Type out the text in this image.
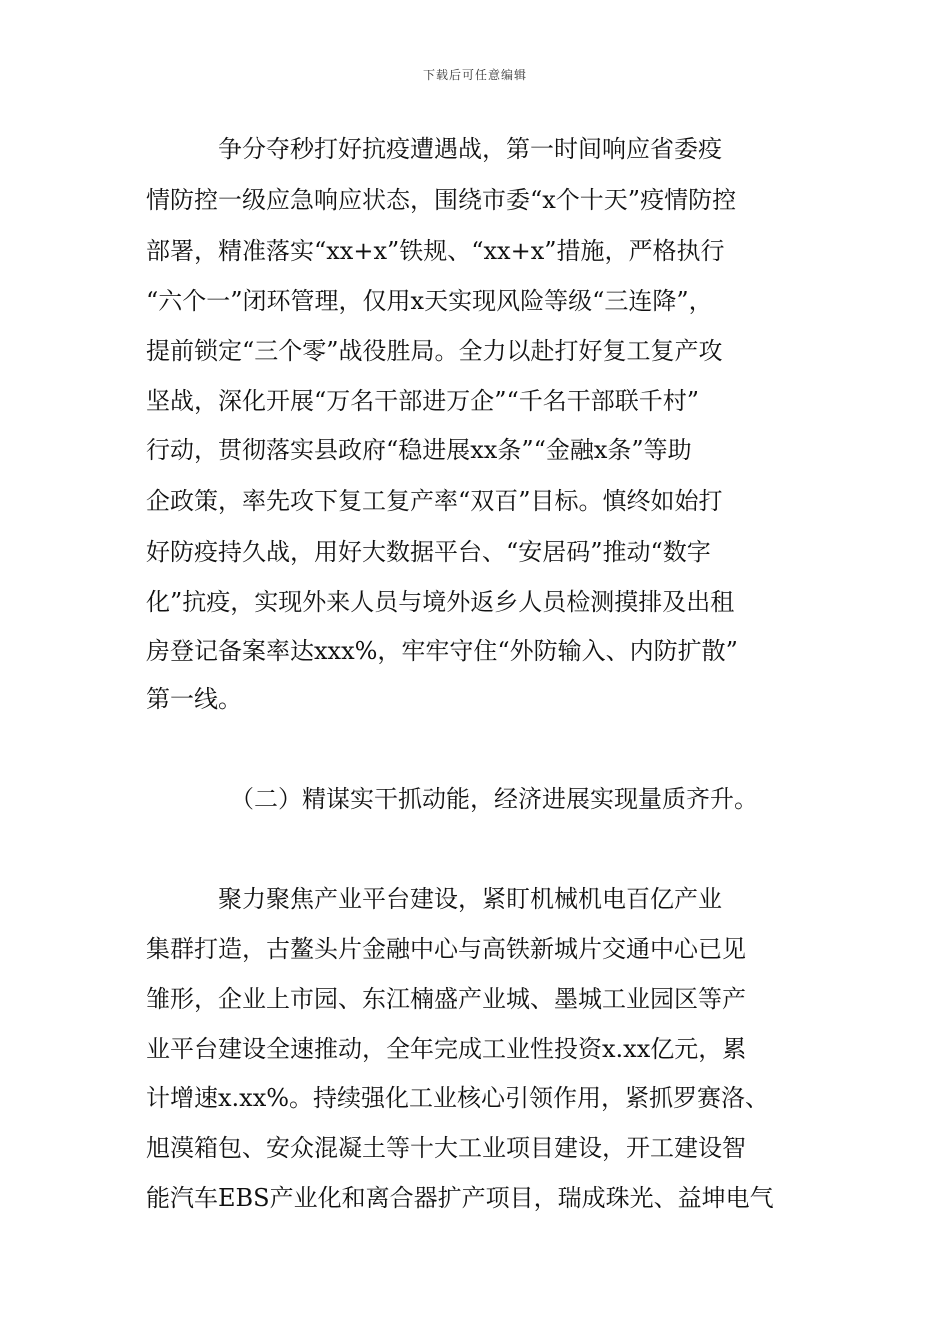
下载后可任意编辑
　　　争分夺秒打好抗疫遭遇战，第一时间响应省委疫
情防控一级应急响应状态，围绕市委“x个十天”疫情防控
部署，精准落实“xx+x”铁规、“xx+x”措施，严格执行
“六个一”闭环管理，仅用x天实现风险等级“三连降”，
提前锁定“三个零”战役胜局。全力以赴打好复工复产攻
坚战，深化开展“万名干部进万企”“千名干部联千村”
行动，贯彻落实县政府“稳进展xx条”“金融x条”等助
企政策，率先攻下复工复产率“双百”目标。慎终如始打
好防疫持久战，用好大数据平台、“安居码”推动“数字
化”抗疫，实现外来人员与境外返乡人员检测摸排及出租
房登记备案率达xxx%，牢牢守住“外防输入、内防扩散”
第一线。
　　　　（二）精谋实干抓动能，经济进展实现量质齐升。
　　　聚力聚焦产业平台建设，紧盯机械机电百亿产业
集群打造，古鳌头片金融中心与高铁新城片交通中心已见
雏形，企业上市园、东江楠盛产业城、墨城工业园区等产
业平台建设全速推动，全年完成工业性投资x.xx亿元，累
计增速x.xx%。持续强化工业核心引领作用，紧抓罗赛洛、
旭漠箱包、安众混凝土等十大工业项目建设，开工建设智
能汽车EBS产业化和离合器扩产项目，瑞成珠光、益坤电气
